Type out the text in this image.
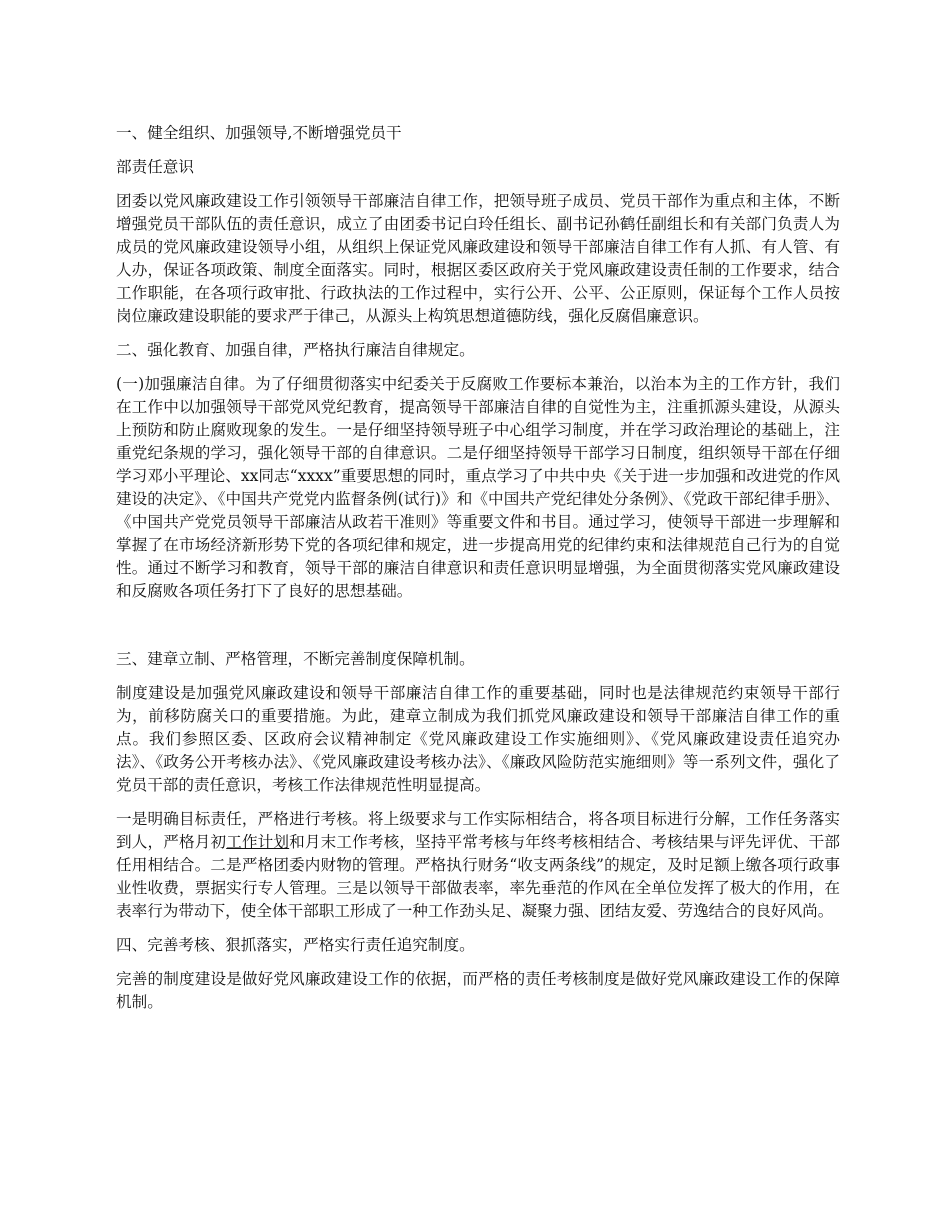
一、健全组织、加强领导,不断增强党员干

部责任意识

团委以党风廉政建设工作引领领导干部廉洁自律工作，把领导班子成员、党员干部作为重点和主体，不断增强党员干部队伍的责任意识，成立了由团委书记白玲任组长、副书记孙鹤任副组长和有关部门负责人为成员的党风廉政建设领导小组，从组织上保证党风廉政建设和领导干部廉洁自律工作有人抓、有人管、有人办，保证各项政策、制度全面落实。同时，根据区委区政府关于党风廉政建设责任制的工作要求，结合工作职能，在各项行政审批、行政执法的工作过程中，实行公开、公平、公正原则，保证每个工作人员按岗位廉政建设职能的要求严于律己，从源头上构筑思想道德防线，强化反腐倡廉意识。

二、强化教育、加强自律，严格执行廉洁自律规定。

(一)加强廉洁自律。为了仔细贯彻落实中纪委关于反腐败工作要标本兼治，以治本为主的工作方针，我们在工作中以加强领导干部党风党纪教育，提高领导干部廉洁自律的自觉性为主，注重抓源头建设，从源头上预防和防止腐败现象的发生。一是仔细坚持领导班子中心组学习制度，并在学习政治理论的基础上，注重党纪条规的学习，强化领导干部的自律意识。二是仔细坚持领导干部学习日制度，组织领导干部在仔细学习邓小平理论、xx同志“xxxx”重要思想的同时，重点学习了中共中央《关于进一步加强和改进党的作风建设的决定》、《中国共产党党内监督条例(试行)》和《中国共产党纪律处分条例》、《党政干部纪律手册》、《中国共产党党员领导干部廉洁从政若干准则》等重要文件和书目。通过学习，使领导干部进一步理解和掌握了在市场经济新形势下党的各项纪律和规定，进一步提高用党的纪律约束和法律规范自己行为的自觉性。通过不断学习和教育，领导干部的廉洁自律意识和责任意识明显增强，为全面贯彻落实党风廉政建设和反腐败各项任务打下了良好的思想基础。

三、建章立制、严格管理，不断完善制度保障机制。

制度建设是加强党风廉政建设和领导干部廉洁自律工作的重要基础，同时也是法律规范约束领导干部行为，前移防腐关口的重要措施。为此，建章立制成为我们抓党风廉政建设和领导干部廉洁自律工作的重点。我们参照区委、区政府会议精神制定《党风廉政建设工作实施细则》、《党风廉政建设责任追究办法》、《政务公开考核办法》、《党风廉政建设考核办法》、《廉政风险防范实施细则》等一系列文件，强化了党员干部的责任意识，考核工作法律规范性明显提高。

一是明确目标责任，严格进行考核。将上级要求与工作实际相结合，将各项目标进行分解，工作任务落实到人，严格月初工作计划和月末工作考核，坚持平常考核与年终考核相结合、考核结果与评先评优、干部任用相结合。二是严格团委内财物的管理。严格执行财务“收支两条线”的规定，及时足额上缴各项行政事业性收费，票据实行专人管理。三是以领导干部做表率，率先垂范的作风在全单位发挥了极大的作用，在表率行为带动下，使全体干部职工形成了一种工作劲头足、凝聚力强、团结友爱、劳逸结合的良好风尚。

四、完善考核、狠抓落实，严格实行责任追究制度。

完善的制度建设是做好党风廉政建设工作的依据，而严格的责任考核制度是做好党风廉政建设工作的保障机制。
